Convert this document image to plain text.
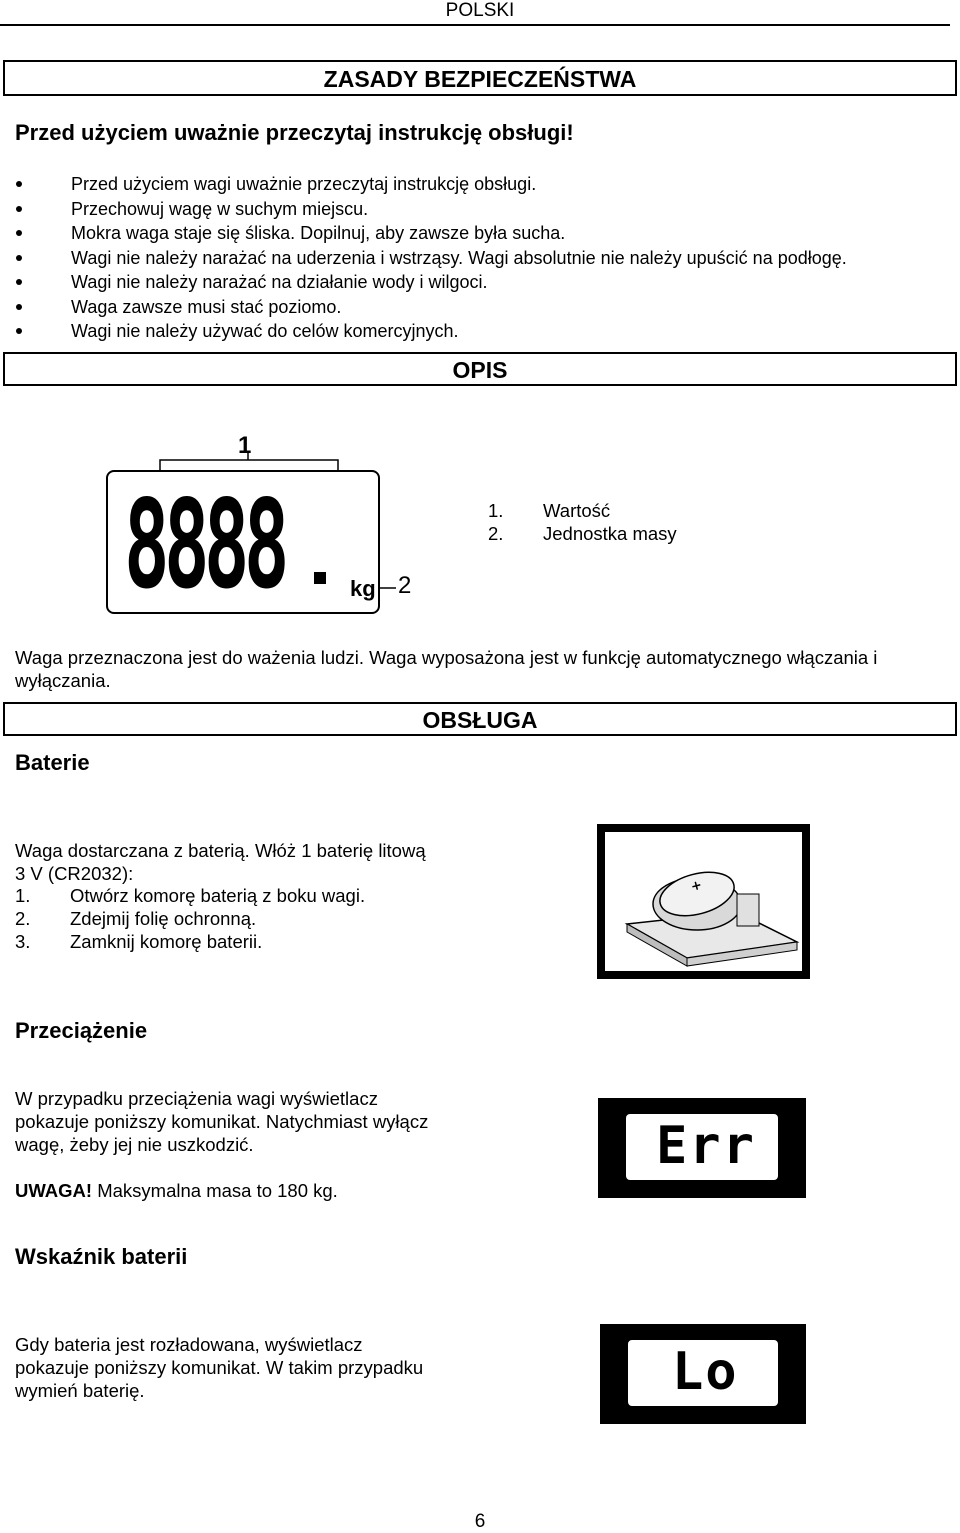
POLSKI
ZASADY BEZPIECZEŃSTWA
Przed użyciem uważnie przeczytaj instrukcję obsługi!
Przed użyciem wagi uważnie przeczytaj instrukcję obsługi.
Przechowuj wagę w suchym miejscu.
Mokra waga staje się śliska. Dopilnuj, aby zawsze była sucha.
Wagi nie należy narażać na uderzenia i wstrząsy. Wagi absolutnie nie należy upuścić na podłogę.
Wagi nie należy narażać na działanie wody i wilgoci.
Waga zawsze musi stać poziomo.
Wagi nie należy używać do celów komercyjnych.
OPIS
1
8888	kg 2
1. Wartość
2. Jednostka masy
Waga przeznaczona jest do ważenia ludzi. Waga wyposażona jest w funkcję automatycznego włączania i wyłączania.
OBSŁUGA
Baterie
Waga dostarczana z baterią. Włóż 1 baterię litową
3 V (CR2032):
1. Otwórz komorę baterią z boku wagi.
2. Zdejmij folię ochronną.
3. Zamknij komorę baterii.
+
Przeciążenie
W przypadku przeciążenia wagi wyświetlacz
pokazuje poniższy komunikat. Natychmiast wyłącz
wagę, żeby jej nie uszkodzić.
UWAGA! Maksymalna masa to 180 kg.
Err
Wskaźnik baterii
Gdy bateria jest rozładowana, wyświetlacz
pokazuje poniższy komunikat. W takim przypadku
wymień baterię.	Lo
6
